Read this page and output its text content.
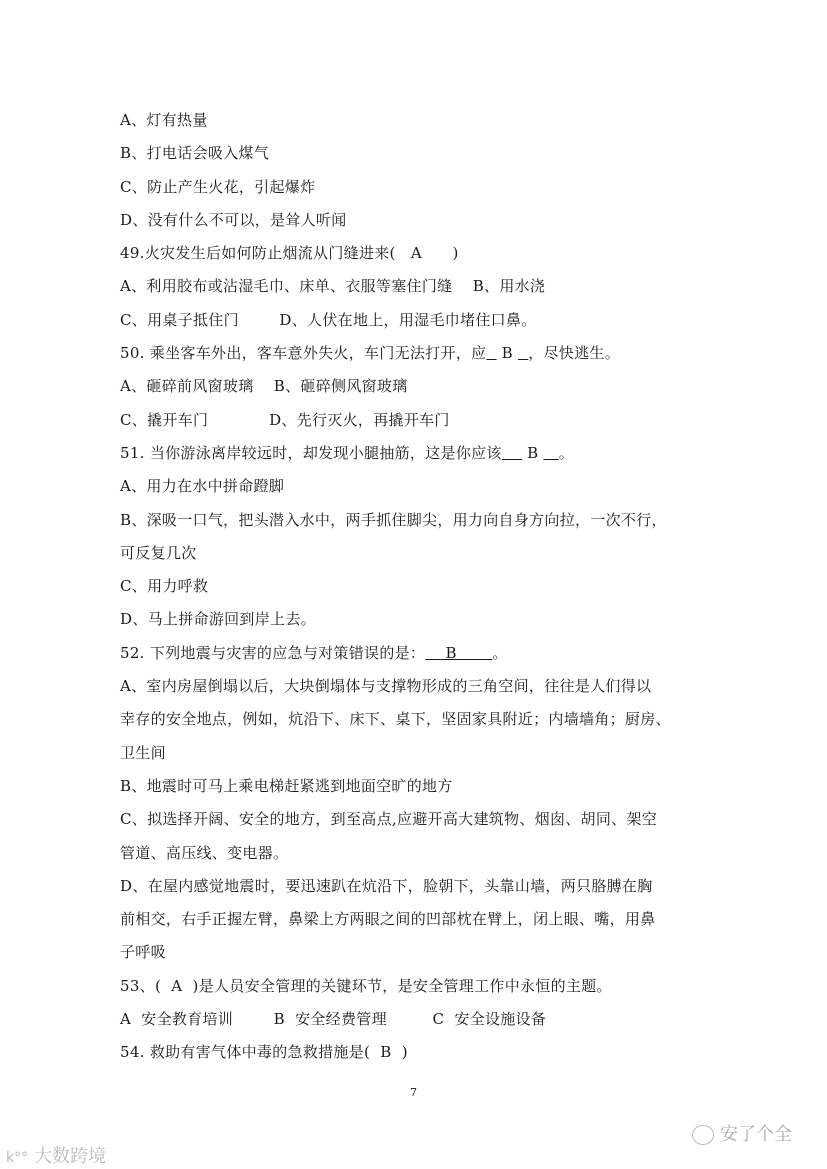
A、灯有热量
B、打电话会吸入煤气
C、防止产生火花，引起爆炸
D、没有什么不可以，是耸人听闻
49.火灾发生后如何防止烟流从门缝进来(   A      )
A、利用胶布或沾湿毛巾、床单、衣服等塞住门缝    B、用水浇
C、用桌子抵住门        D、人伏在地上，用湿毛巾堵住口鼻。
50. 乘坐客车外出，客车意外失火，车门无法打开，应   B   ，尽快逃生。
A、砸碎前风窗玻璃    B、砸碎侧风窗玻璃
C、撬开车门            D、先行灭火，再撬开车门
51. 当你游泳离岸较远时，却发现小腿抽筋，这是你应该     B    。
A、用力在水中拼命蹬脚
B、深吸一口气，把头潜入水中，两手抓住脚尖，用力向自身方向拉，一次不行，
可反复几次
C、用力呼救
D、马上拼命游回到岸上去。
52. 下列地震与灾害的应急与对策错误的是：    B       。
A、室内房屋倒塌以后，大块倒塌体与支撑物形成的三角空间，往往是人们得以
幸存的安全地点，例如，炕沿下、床下、桌下，坚固家具附近；内墙墙角；厨房、
卫生间
B、地震时可马上乘电梯赶紧逃到地面空旷的地方
C、拟选择开阔、安全的地方，到至高点,应避开高大建筑物、烟囱、胡同、架空
管道、高压线、变电器。
D、在屋内感觉地震时，要迅速趴在炕沿下，脸朝下，头靠山墙，两只胳膊在胸
前相交，右手正握左臂，鼻梁上方两眼之间的凹部枕在臂上，闭上眼、嘴，用鼻
子呼吸
53、(  A  )是人员安全管理的关键环节，是安全管理工作中永恒的主题。
A  安全教育培训        B  安全经费管理         C  安全设施设备
54. 救助有害气体中毒的急救措施是(  B  )
7
安了个全
k°° 大数跨境
